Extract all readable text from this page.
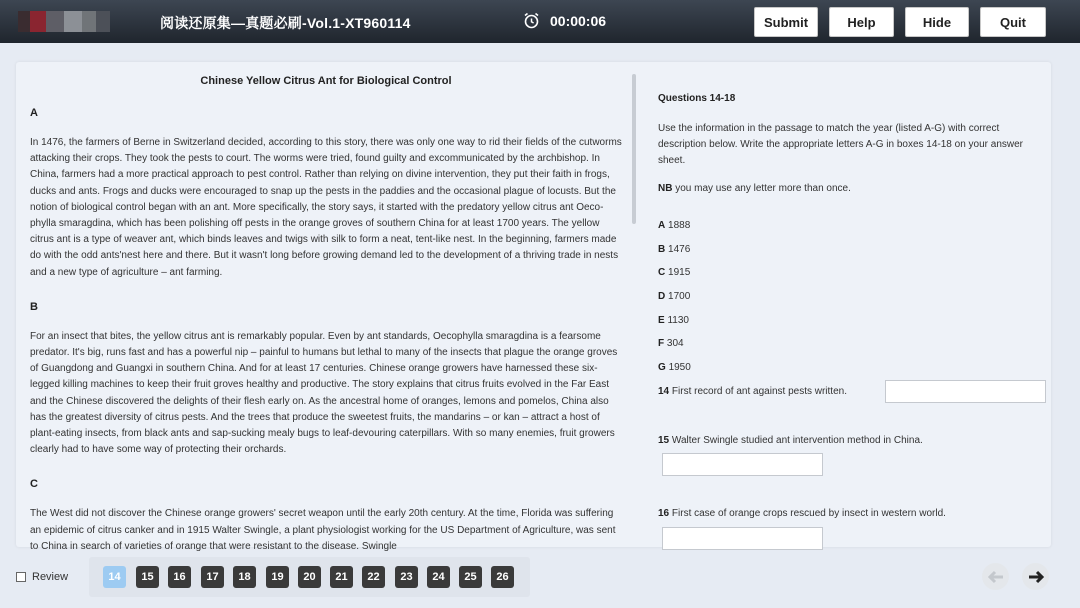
阅读还原集—真题必刷-Vol.1-XT960114	00:00:06	Submit	Help	Hide	Quit
Chinese Yellow Citrus Ant for Biological Control
A

In 1476, the farmers of Berne in Switzerland decided, according to this story, there was only one way to rid their fields of the cutworms attacking their crops. They took the pests to court. The worms were tried, found guilty and excommunicated by the archbishop. In China, farmers had a more practical approach to pest control. Rather than relying on divine intervention, they put their faith in frogs, ducks and ants. Frogs and ducks were encouraged to snap up the pests in the paddies and the occasional plague of locusts. But the notion of biological control began with an ant. More specifically, the story says, it started with the predatory yellow citrus ant Oeco-phylla smaragdina, which has been polishing off pests in the orange groves of southern China for at least 1700 years. The yellow citrus ant is a type of weaver ant, which binds leaves and twigs with silk to form a neat, tent-like nest. In the beginning, farmers made do with the odd ants'nest here and there. But it wasn't long before growing demand led to the development of a thriving trade in nests and a new type of agriculture – ant farming.

B

For an insect that bites, the yellow citrus ant is remarkably popular. Even by ant standards, Oecophylla smaragdina is a fearsome predator. It's big, runs fast and has a powerful nip – painful to humans but lethal to many of the insects that plague the orange groves of Guangdong and Guangxi in southern China. And for at least 17 centuries. Chinese orange growers have harnessed these six-legged killing machines to keep their fruit groves healthy and productive. The story explains that citrus fruits evolved in the Far East and the Chinese discovered the delights of their flesh early on. As the ancestral home of oranges, lemons and pomelos, China also has the greatest diversity of citrus pests. And the trees that produce the sweetest fruits, the mandarins – or kan – attract a host of plant-eating insects, from black ants and sap-sucking mealy bugs to leaf-devouring caterpillars. With so many enemies, fruit growers clearly had to have some way of protecting their orchards.

C

The West did not discover the Chinese orange growers' secret weapon until the early 20th century. At the time, Florida was suffering an epidemic of citrus canker and in 1915 Walter Swingle, a plant physiologist working for the US Department of Agriculture, was sent to China in search of varieties of orange that were resistant to the disease. Swingle

Questions 14-18
Use the information in the passage to match the year (listed A-G) with correct description below. Write the appropriate letters A-G in boxes 14-18 on your answer sheet.
NB you may use any letter more than once.
A 1888
B 1476
C 1915
D 1700
E 1130
F 304
G 1950
14 First record of ant against pests written.
15 Walter Swingle studied ant intervention method in China.
16 First case of orange crops rescued by insect in western world.
Review	14	15	16	17	18	19	20	21	22	23	24	25	26
